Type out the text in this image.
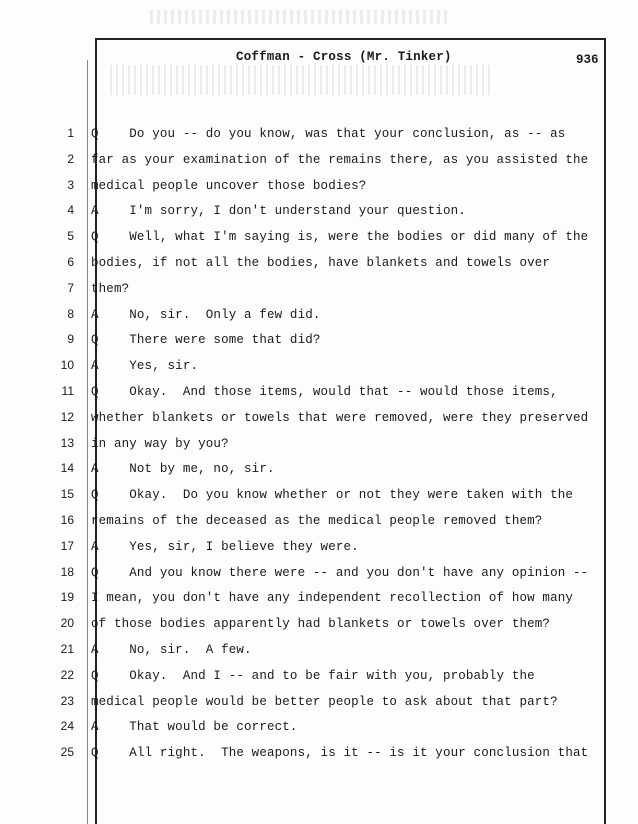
Coffman - Cross (Mr. Tinker)	936
1 Q    Do you -- do you know, was that your conclusion, as -- as
2 far as your examination of the remains there, as you assisted the
3 medical people uncover those bodies?
4 A    I'm sorry, I don't understand your question.
5 Q    Well, what I'm saying is, were the bodies or did many of the
6 bodies, if not all the bodies, have blankets and towels over
7 them?
8 A    No, sir.  Only a few did.
9 Q    There were some that did?
10 A    Yes, sir.
11 Q    Okay.  And those items, would that -- would those items,
12 whether blankets or towels that were removed, were they preserved
13 in any way by you?
14 A    Not by me, no, sir.
15 Q    Okay.  Do you know whether or not they were taken with the
16 remains of the deceased as the medical people removed them?
17 A    Yes, sir, I believe they were.
18 Q    And you know there were -- and you don't have any opinion --
19 I mean, you don't have any independent recollection of how many
20 of those bodies apparently had blankets or towels over them?
21 A    No, sir.  A few.
22 Q    Okay.  And I -- and to be fair with you, probably the
23 medical people would be better people to ask about that part?
24 A    That would be correct.
25 Q    All right.  The weapons, is it -- is it your conclusion that
